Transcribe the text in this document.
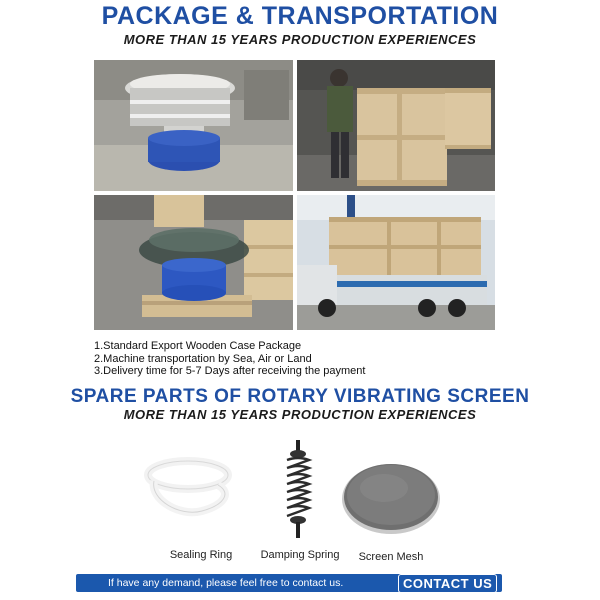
PACKAGE & TRANSPORTATION
MORE THAN 15 YEARS PRODUCTION EXPERIENCES
1.Standard Export Wooden Case Package
2.Machine transportation by Sea, Air or Land
3.Delivery time for 5-7 Days after receiving the payment
SPARE PARTS OF ROTARY VIBRATING SCREEN
MORE THAN 15 YEARS PRODUCTION EXPERIENCES
Sealing Ring	Damping Spring	Screen Mesh
If have any demand, please feel free to contact us.	CONTACT US
